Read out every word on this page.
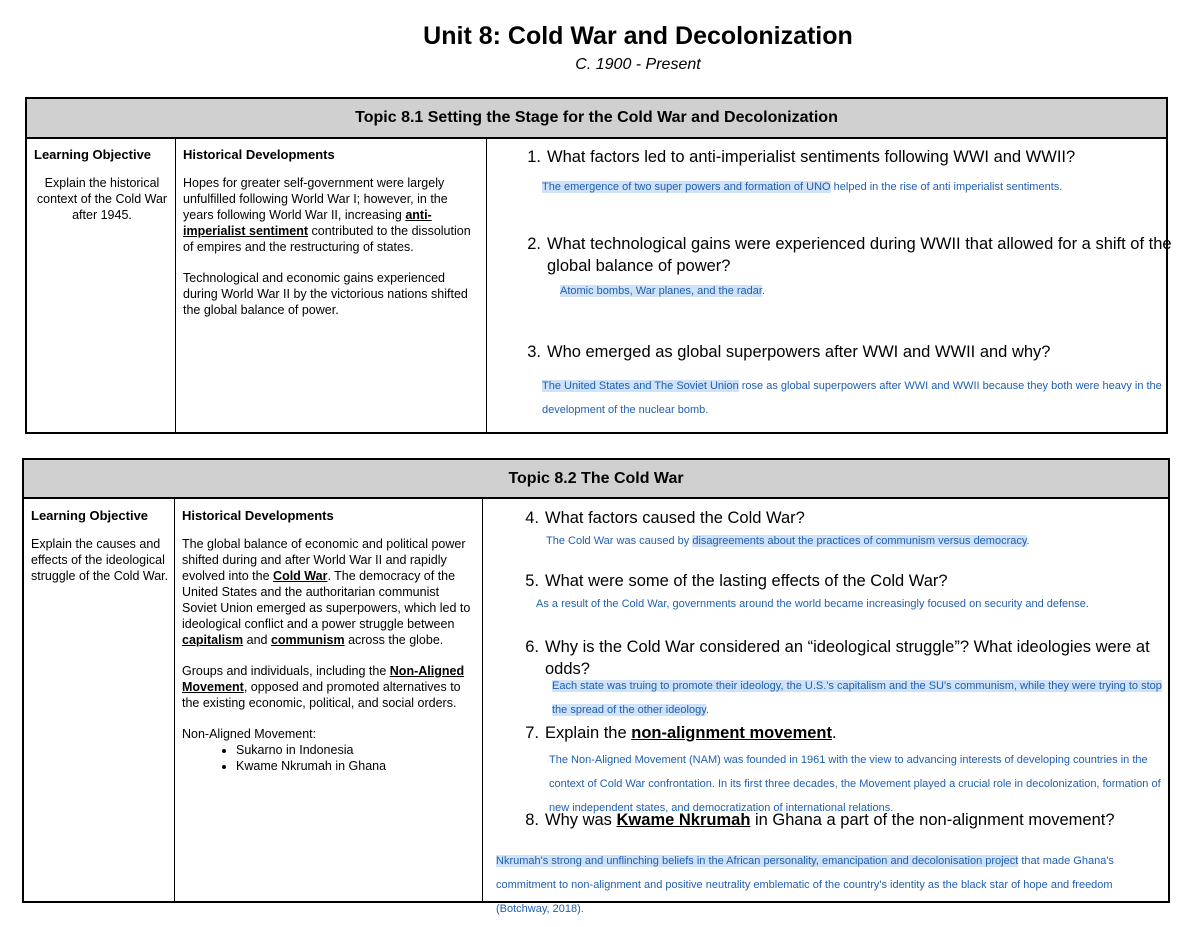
Unit 8: Cold War and Decolonization
C. 1900 - Present
Topic 8.1 Setting the Stage for the Cold War and Decolonization
Learning Objective
Explain the historical context of the Cold War after 1945.
Historical Developments
Hopes for greater self-government were largely unfulfilled following World War I; however, in the years following World War II, increasing anti-imperialist sentiment contributed to the dissolution of empires and the restructuring of states.
Technological and economic gains experienced during World War II by the victorious nations shifted the global balance of power.
1. What factors led to anti-imperialist sentiments following WWI and WWII?
The emergence of two super powers and formation of UNO helped in the rise of anti imperialist sentiments.
2. What technological gains were experienced during WWII that allowed for a shift of the global balance of power?
Atomic bombs, War planes, and the radar.
3. Who emerged as global superpowers after WWI and WWII and why?
The United States and The Soviet Union rose as global superpowers after WWI and WWII because they both were heavy in the development of the nuclear bomb.
Topic 8.2 The Cold War
Learning Objective
Explain the causes and effects of the ideological struggle of the Cold War.
Historical Developments
The global balance of economic and political power shifted during and after World War II and rapidly evolved into the Cold War. The democracy of the United States and the authoritarian communist Soviet Union emerged as superpowers, which led to ideological conflict and a power struggle between capitalism and communism across the globe.
Groups and individuals, including the Non-Aligned Movement, opposed and promoted alternatives to the existing economic, political, and social orders.
Non-Aligned Movement:
• Sukarno in Indonesia
• Kwame Nkrumah in Ghana
4. What factors caused the Cold War?
The Cold War was caused by disagreements about the practices of communism versus democracy.
5. What were some of the lasting effects of the Cold War?
As a result of the Cold War, governments around the world became increasingly focused on security and defense.
6. Why is the Cold War considered an “ideological struggle”? What ideologies were at odds?
Each state was truing to promote their ideology, the U.S.'s capitalism and the SU's communism, while they were trying to stop the spread of the other ideology.
7. Explain the non-alignment movement.
The Non-Aligned Movement (NAM) was founded in 1961 with the view to advancing interests of developing countries in the context of Cold War confrontation. In its first three decades, the Movement played a crucial role in decolonization, formation of new independent states, and democratization of international relations.
8. Why was Kwame Nkrumah in Ghana a part of the non-alignment movement?
Nkrumah's strong and unflinching beliefs in the African personality, emancipation and decolonisation project that made Ghana's commitment to non-alignment and positive neutrality emblematic of the country's identity as the black star of hope and freedom (Botchway, 2018).
